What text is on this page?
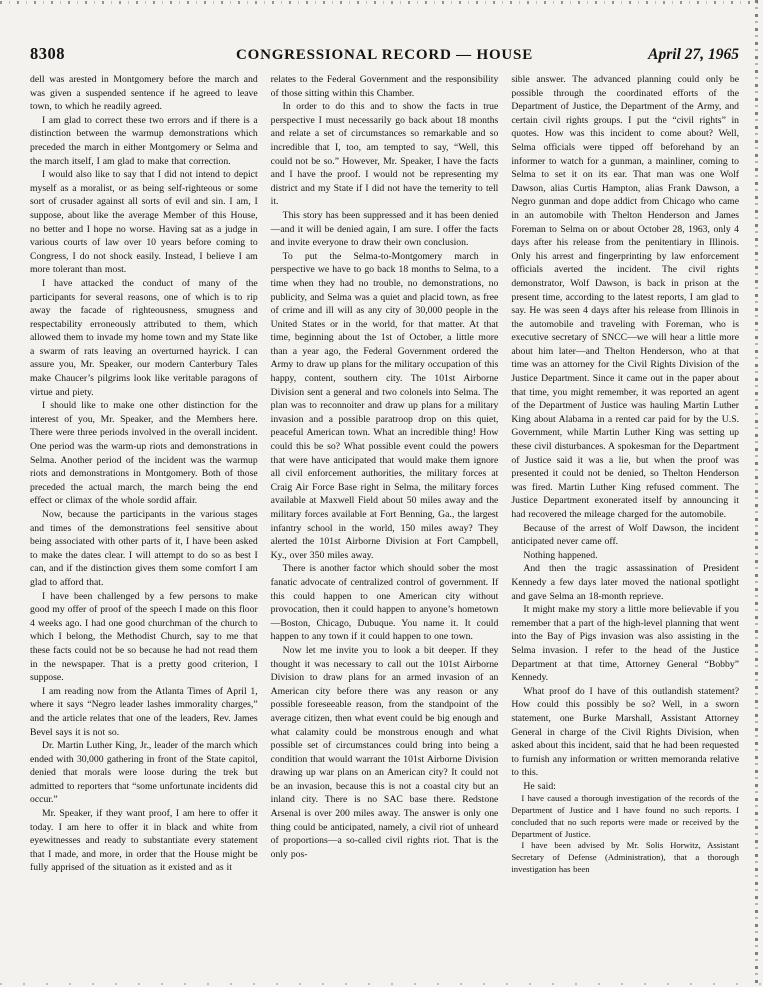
8308	CONGRESSIONAL RECORD — HOUSE	April 27, 1965

dell was arested in Montgomery before the march and was given a suspended sentence if he agreed to leave town, to which he readily agreed.

I am glad to correct these two errors and if there is a distinction between the warmup demonstrations which preceded the march in either Montgomery or Selma and the march itself, I am glad to make that correction.

I would also like to say that I did not intend to depict myself as a moralist, or as being self-righteous or some sort of crusader against all sorts of evil and sin. I am, I suppose, about like the average Member of this House, no better and I hope no worse. Having sat as a judge in various courts of law over 10 years before coming to Congress, I do not shock easily. Instead, I believe I am more tolerant than most.

I have attacked the conduct of many of the participants for several reasons, one of which is to rip away the facade of righteousness, smugness and respectability erroneously attributed to them, which allowed them to invade my home town and my State like a swarm of rats leaving an overturned hayrick. I can assure you, Mr. Speaker, our modern Canterbury Tales make Chaucer’s pilgrims look like veritable paragons of virtue and piety.

I should like to make one other distinction for the interest of you, Mr. Speaker, and the Members here. There were three periods involved in the overall incident. One period was the warm-up riots and demonstrations in Selma. Another period of the incident was the warmup riots and demonstrations in Montgomery. Both of those preceded the actual march, the march being the end effect or climax of the whole sordid affair.

Now, because the participants in the various stages and times of the demonstrations feel sensitive about being associated with other parts of it, I have been asked to make the dates clear. I will attempt to do so as best I can, and if the distinction gives them some comfort I am glad to afford that.

I have been challenged by a few persons to make good my offer of proof of the speech I made on this floor 4 weeks ago. I had one good churchman of the church to which I belong, the Methodist Church, say to me that these facts could not be so because he had not read them in the newspaper. That is a pretty good criterion, I suppose.

I am reading now from the Atlanta Times of April 1, where it says “Negro leader lashes immorality charges,” and the article relates that one of the leaders, Rev. James Bevel says it is not so.

Dr. Martin Luther King, Jr., leader of the march which ended with 30,000 gathering in front of the State capitol, denied that morals were loose during the trek but admitted to reporters that “some unfortunate incidents did occur.”

Mr. Speaker, if they want proof, I am here to offer it today. I am here to offer it in black and white from eyewitnesses and ready to substantiate every statement that I made, and more, in order that the House might be fully apprised of the situation as it existed and as it

relates to the Federal Government and the responsibility of those sitting within this Chamber.

In order to do this and to show the facts in true perspective I must necessarily go back about 18 months and relate a set of circumstances so remarkable and so incredible that I, too, am tempted to say, “Well, this could not be so.” However, Mr. Speaker, I have the facts and I have the proof. I would not be representing my district and my State if I did not have the temerity to tell it.

This story has been suppressed and it has been denied—and it will be denied again, I am sure. I offer the facts and invite everyone to draw their own conclusion.

To put the Selma-to-Montgomery march in perspective we have to go back 18 months to Selma, to a time when they had no trouble, no demonstrations, no publicity, and Selma was a quiet and placid town, as free of crime and ill will as any city of 30,000 people in the United States or in the world, for that matter. At that time, beginning about the 1st of October, a little more than a year ago, the Federal Government ordered the Army to draw up plans for the military occupation of this happy, content, southern city. The 101st Airborne Division sent a general and two colonels into Selma. The plan was to reconnoiter and draw up plans for a military invasion and a possible paratroop drop on this quiet, peaceful American town. What an incredible thing! How could this be so? What possible event could the powers that were have anticipated that would make them ignore all civil enforcement authorities, the military forces at Craig Air Force Base right in Selma, the military forces available at Maxwell Field about 50 miles away and the military forces available at Fort Benning, Ga., the largest infantry school in the world, 150 miles away? They alerted the 101st Airborne Division at Fort Campbell, Ky., over 350 miles away.

There is another factor which should sober the most fanatic advocate of centralized control of government. If this could happen to one American city without provocation, then it could happen to anyone’s hometown—Boston, Chicago, Dubuque. You name it. It could happen to any town if it could happen to one town.

Now let me invite you to look a bit deeper. If they thought it was necessary to call out the 101st Airborne Division to draw plans for an armed invasion of an American city before there was any reason or any possible foreseeable reason, from the standpoint of the average citizen, then what event could be big enough and what calamity could be monstrous enough and what possible set of circumstances could bring into being a condition that would warrant the 101st Airborne Division drawing up war plans on an American city? It could not be an invasion, because this is not a coastal city but an inland city. There is no SAC base there. Redstone Arsenal is over 200 miles away. The answer is only one thing could be anticipated, namely, a civil riot of unheard of proportions—a so-called civil rights riot. That is the only pos-

sible answer. The advanced planning could only be possible through the coordinated efforts of the Department of Justice, the Department of the Army, and certain civil rights groups. I put the “civil rights” in quotes. How was this incident to come about? Well, Selma officials were tipped off beforehand by an informer to watch for a gunman, a mainliner, coming to Selma to set it on its ear. That man was one Wolf Dawson, alias Curtis Hampton, alias Frank Dawson, a Negro gunman and dope addict from Chicago who came in an automobile with Thelton Henderson and James Foreman to Selma on or about October 28, 1963, only 4 days after his release from the penitentiary in Illinois. Only his arrest and fingerprinting by law enforcement officials averted the incident. The civil rights demonstrator, Wolf Dawson, is back in prison at the present time, according to the latest reports, I am glad to say. He was seen 4 days after his release from Illinois in the automobile and traveling with Foreman, who is executive secretary of SNCC—we will hear a little more about him later—and Thelton Henderson, who at that time was an attorney for the Civil Rights Division of the Justice Department. Since it came out in the paper about that time, you might remember, it was reported an agent of the Department of Justice was hauling Martin Luther King about Alabama in a rented car paid for by the U.S. Government, while Martin Luther King was setting up these civil disturbances. A spokesman for the Department of Justice said it was a lie, but when the proof was presented it could not be denied, so Thelton Henderson was fired. Martin Luther King refused comment. The Justice Department exonerated itself by announcing it had recovered the mileage charged for the automobile.

Because of the arrest of Wolf Dawson, the incident anticipated never came off.

Nothing happened.

And then the tragic assassination of President Kennedy a few days later moved the national spotlight and gave Selma an 18-month reprieve.

It might make my story a little more believable if you remember that a part of the high-level planning that went into the Bay of Pigs invasion was also assisting in the Selma invasion. I refer to the head of the Justice Department at that time, Attorney General “Bobby” Kennedy.

What proof do I have of this outlandish statement? How could this possibly be so? Well, in a sworn statement, one Burke Marshall, Assistant Attorney General in charge of the Civil Rights Division, when asked about this incident, said that he had been requested to furnish any information or written memoranda relative to this.

He said:

I have caused a thorough investigation of the records of the Department of Justice and I have found no such reports. I concluded that no such reports were made or received by the Department of Justice.

I have been advised by Mr. Solis Horwitz, Assistant Secretary of Defense (Administration), that a thorough investigation has been
